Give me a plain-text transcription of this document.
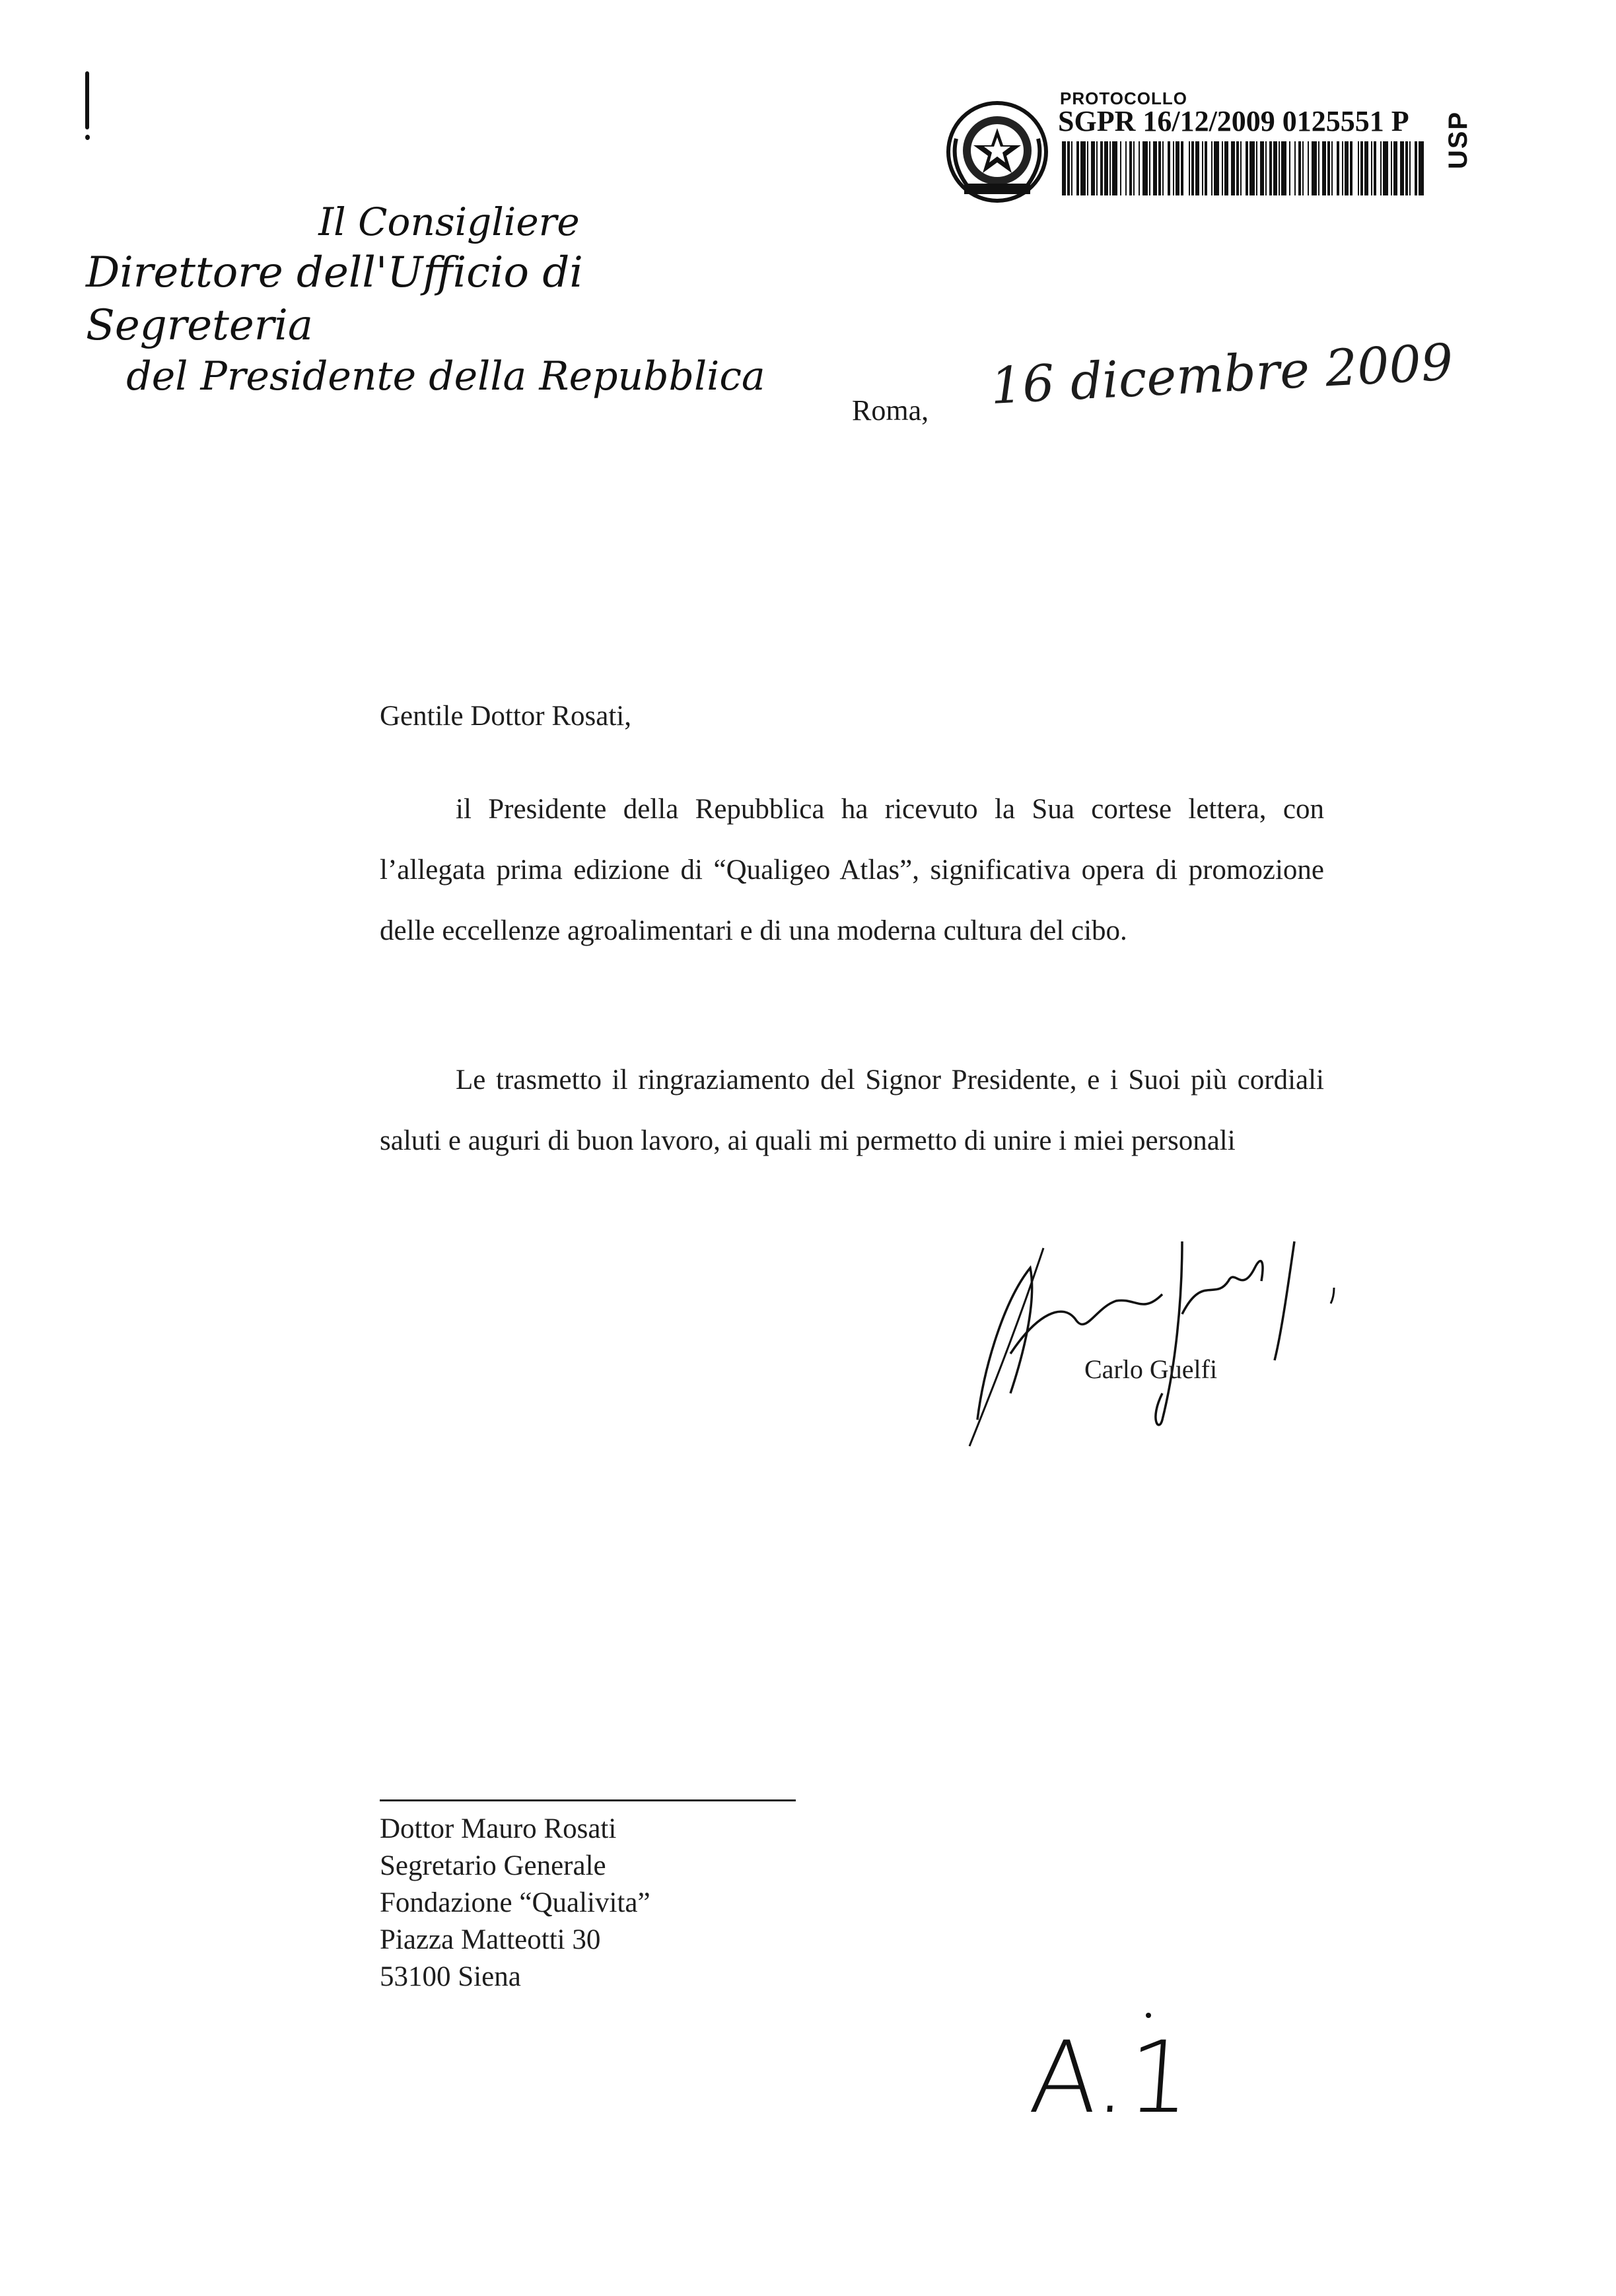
PROTOCOLLO
SGPR 16/12/2009 0125551 P USP
Il Consigliere
Direttore dell'Ufficio di Segreteria
del Presidente della Repubblica
Roma, 16 dicembre 2009
Gentile Dottor Rosati,
il Presidente della Repubblica ha ricevuto la Sua cortese lettera, con l’allegata prima edizione di “Qualigeo Atlas”, significativa opera di promozione delle eccellenze agroalimentari e di una moderna cultura del cibo.
Le trasmetto il ringraziamento del Signor Presidente, e i Suoi più cordiali saluti e auguri di buon lavoro, ai quali mi permetto di unire i miei personali
Carlo Guelfi
Dottor Mauro Rosati
Segretario Generale
Fondazione “Qualivita”
Piazza Matteotti 30
53100 Siena
A.1
